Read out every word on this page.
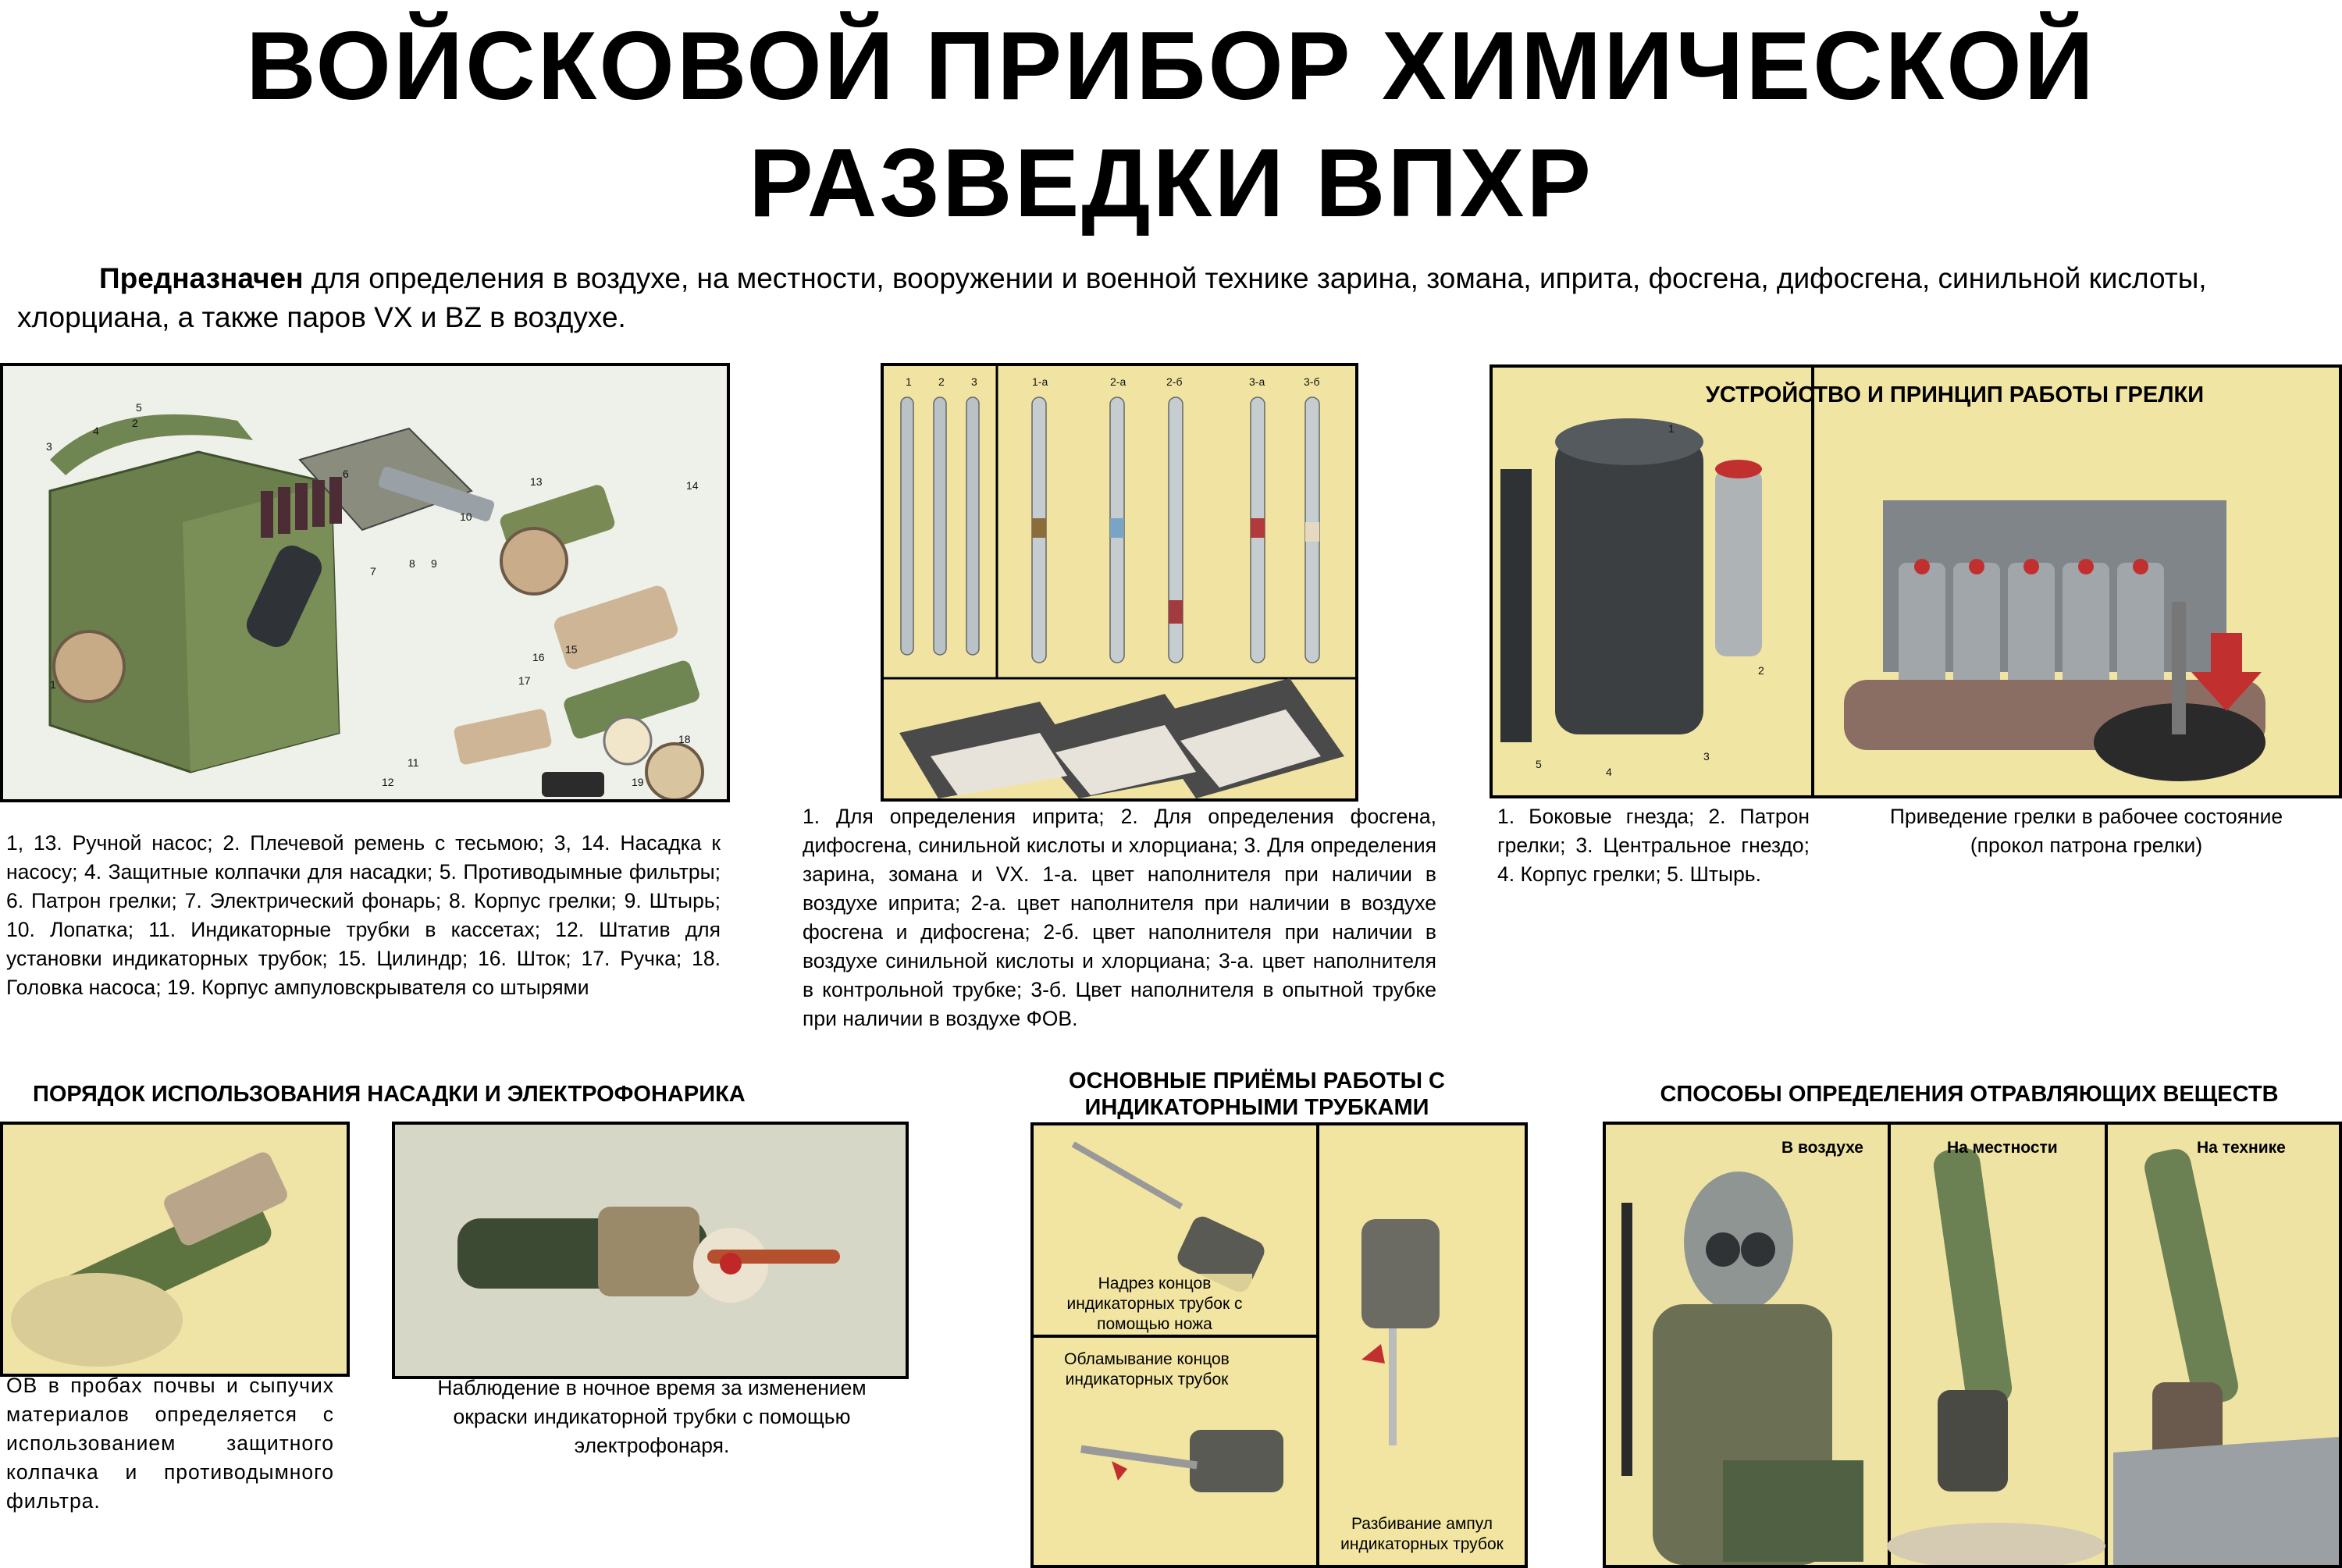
ВОЙСКОВОЙ ПРИБОР ХИМИЧЕСКОЙ
РАЗВЕДКИ ВПХР

Предназначен для определения в воздухе, на местности, вооружении и военной технике зарина, зомана, иприта, фосгена, дифосгена, синильной кислоты, хлорциана, а также паров VX и BZ в воздухе.

1
2
3
4
5
6
7
8 9
10
11
12
13	14
15
16
17
18
19
1, 13. Ручной насос; 2. Плечевой ремень с тесьмою; 3, 14. Насадка к насосу; 4. Защитные колпачки для насадки; 5. Противодымные фильтры; 6. Патрон грелки; 7. Электрический фонарь; 8. Корпус грелки; 9. Штырь; 10. Лопатка; 11. Индикаторные трубки в кассетах; 12. Штатив для установки индикаторных трубок; 15. Цилиндр; 16. Шток; 17. Ручка; 18. Головка насоса; 19. Корпус ампуловскрывателя со штырями
1 2 3	1-а	2-а	2-б	3-а	3-б
1. Для определения иприта; 2. Для определения фосгена, дифосгена, синильной кислоты и хлорциана; 3. Для определения зарина, зомана и VX. 1-а. цвет наполнителя при наличии в воздухе иприта; 2-а. цвет наполнителя при наличии в воздухе фосгена и дифосгена; 2-б. цвет наполнителя при наличии в воздухе синильной кислоты и хлорциана; 3-а. цвет наполнителя в контрольной трубке; 3-б. Цвет наполнителя в опытной трубке при наличии в воздухе ФОВ.
УСТРОЙСТВО И ПРИНЦИП РАБОТЫ ГРЕЛКИ
1
2
3
4
5
1. Боковые гнезда; 2. Патрон грелки; 3. Центральное гнездо; 4. Корпус грелки; 5. Штырь.
Приведение грелки в рабочее состояние (прокол патрона грелки)
ПОРЯДОК ИСПОЛЬЗОВАНИЯ НАСАДКИ И ЭЛЕКТРОФОНАРИКА
ОВ в пробах почвы и сыпучих материалов определяется с использованием защитного колпачка и противодымного фильтра.
Наблюдение в ночное время за изменением окраски индикаторной трубки с помощью электрофонаря.
ОСНОВНЫЕ ПРИЁМЫ РАБОТЫ С
ИНДИКАТОРНЫМИ ТРУБКАМИ
Надрез концов индикаторных трубок с помощью ножа
Обламывание концов индикаторных трубок
Разбивание ампул индикаторных трубок
СПОСОБЫ ОПРЕДЕЛЕНИЯ ОТРАВЛЯЮЩИХ ВЕЩЕСТВ
В воздухе	На местности	На технике
